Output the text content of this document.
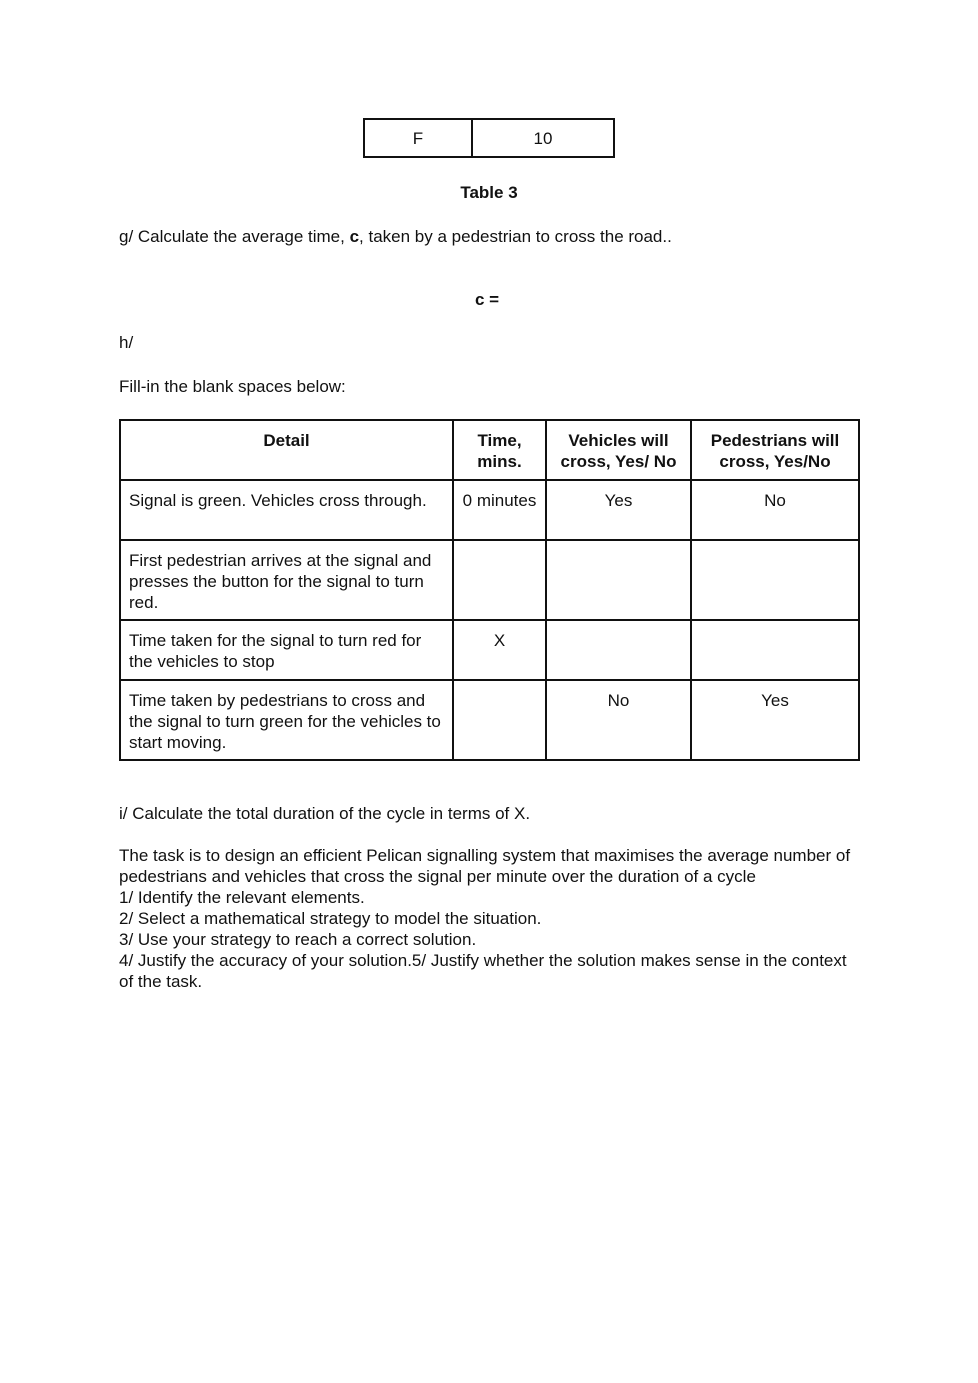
F	10
Table 3
g/ Calculate the average time, c, taken by a pedestrian to cross the road..
c =
h/
Fill-in the blank spaces below:
Detail	Time, mins.	Vehicles will cross, Yes/ No	Pedestrians will cross, Yes/No
Signal is green. Vehicles cross through.	0 minutes	Yes	No
First pedestrian arrives at the signal and presses the button for the signal to turn red.			
Time taken for the signal to turn red for the vehicles to stop	X		
Time taken by pedestrians to cross and the signal to turn green for the vehicles to start moving.		No	Yes
i/ Calculate the total duration of the cycle in terms of X.

The task is to design an efficient Pelican signalling system that maximises the average number of pedestrians and vehicles that cross the signal per minute over the duration of a cycle

1/ Identify the relevant elements.

2/ Select a mathematical strategy to model the situation.

3/ Use your strategy to reach a correct solution.

4/ Justify the accuracy of your solution.5/ Justify whether the solution makes sense in the context of the task.
